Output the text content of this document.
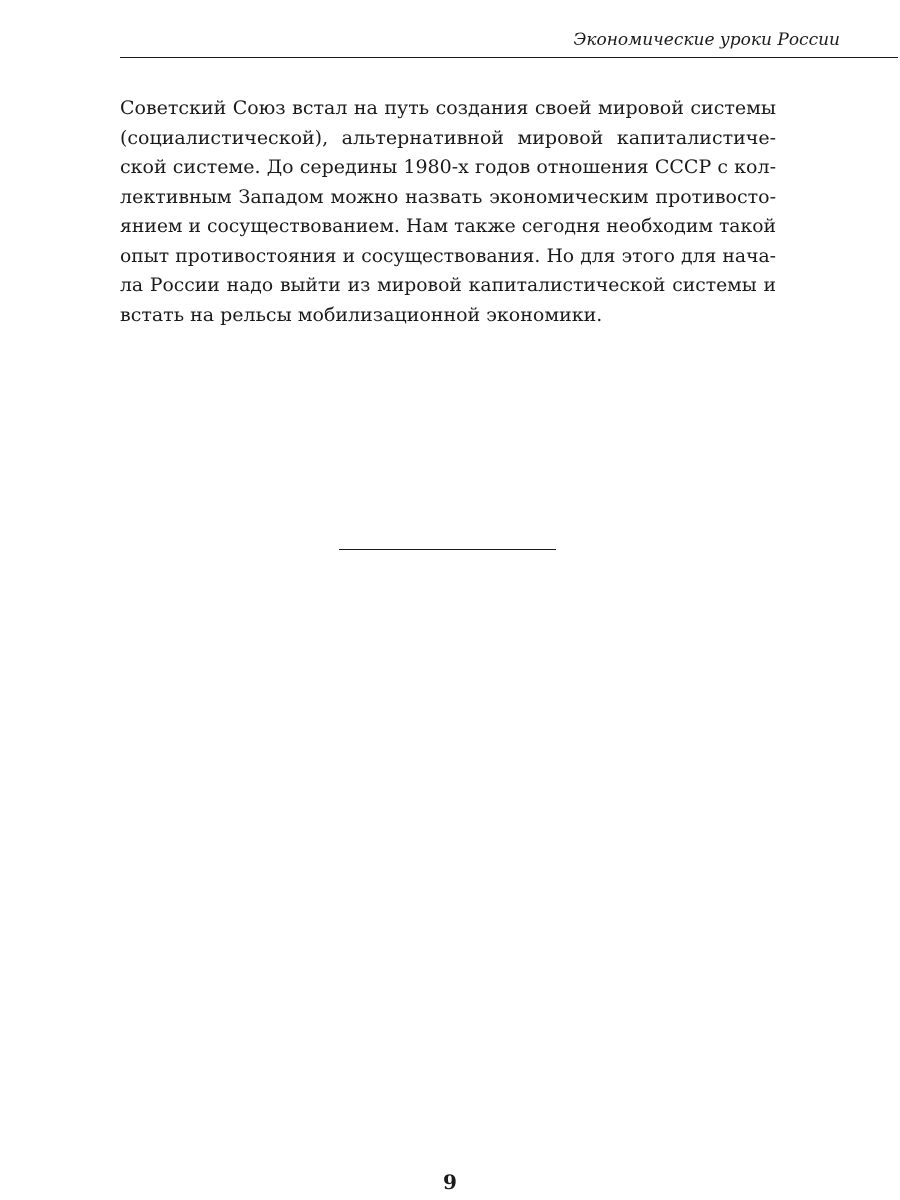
Экономические уроки России
Советский Союз встал на путь создания своей мировой системы
(социалистической), альтернативной мировой капиталистиче-
ской системе. До середины 1980-х годов отношения СССР с кол-
лективным Западом можно назвать экономическим противосто-
янием и сосуществованием. Нам также сегодня необходим такой
опыт противостояния и сосуществования. Но для этого для нача-
ла России надо выйти из мировой капиталистической системы и
встать на рельсы мобилизационной экономики.
9
